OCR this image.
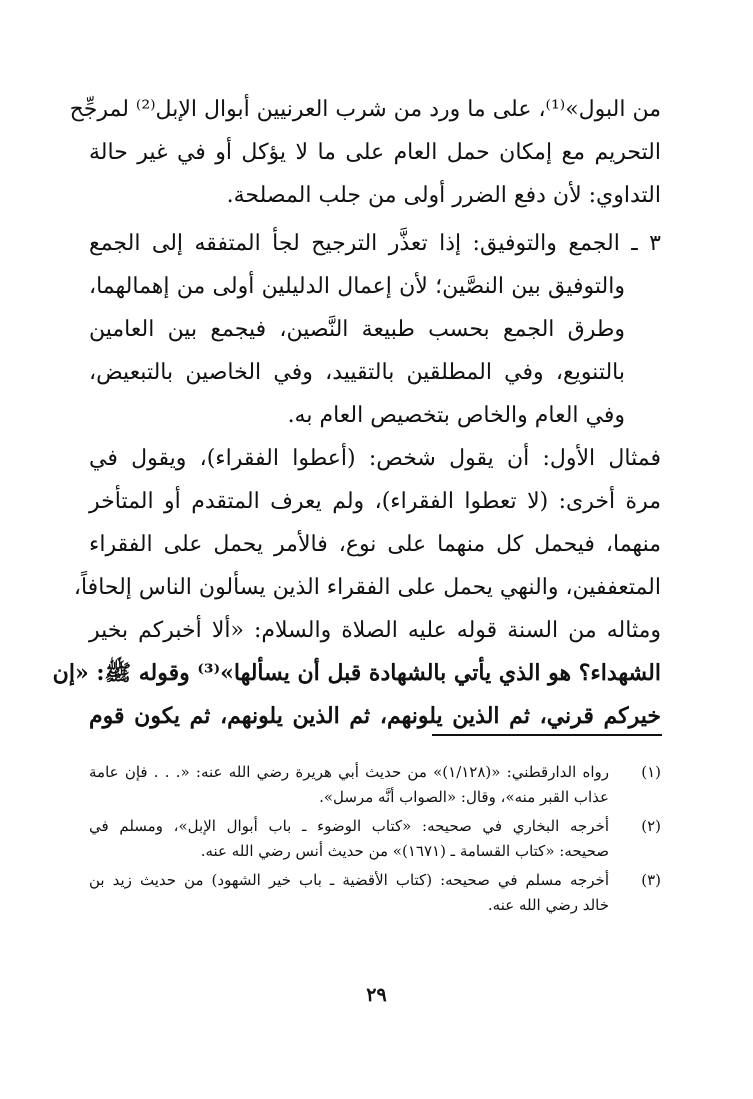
من البول»⁽¹⁾، على ما ورد من شرب العرنيين أبوال الإبل⁽²⁾ لمرجِّح
التحريم مع إمكان حمل العام على ما لا يؤكل أو في غير حالة
التداوي: لأن دفع الضرر أولى من جلب المصلحة.
٣ ـ الجمع والتوفيق: إذا تعذَّر الترجيح لجأ المتفقه إلى الجمع
والتوفيق بين النصَّين؛ لأن إعمال الدليلين أولى من إهمالهما،
وطرق الجمع بحسب طبيعة النَّصين، فيجمع بين العامين
بالتنويع، وفي المطلقين بالتقييد، وفي الخاصين بالتبعيض،
وفي العام والخاص بتخصيص العام به.
فمثال الأول: أن يقول شخص: (أعطوا الفقراء)، ويقول في
مرة أخرى: (لا تعطوا الفقراء)، ولم يعرف المتقدم أو المتأخر
منهما، فيحمل كل منهما على نوع، فالأمر يحمل على الفقراء
المتعففين، والنهي يحمل على الفقراء الذين يسألون الناس إلحافاً،
ومثاله من السنة قوله عليه الصلاة والسلام: «ألا أخبركم بخير
الشهداء؟ هو الذي يأتي بالشهادة قبل أن يسألها»⁽³⁾ وقوله ﷺ: «إن
خيركم قرني، ثم الذين يلونهم، ثم الذين يلونهم، ثم يكون قوم
(١)
رواه الدارقطني: «(١/١٢٨)» من حديث أبي هريرة رضي الله عنه: «. . . فإن عامة
عذاب القبر منه»، وقال: «الصواب أنَّه مرسل».
(٢)
أخرجه البخاري في صحيحه: «كتاب الوضوء ـ باب أبوال الإبل»، ومسلم في
صحيحه: «كتاب القسامة ـ (١٦٧١)» من حديث أنس رضي الله عنه.
(٣)
أخرجه مسلم في صحيحه: (كتاب الأقضية ـ باب خير الشهود) من حديث زيد بن
خالد رضي الله عنه.
٢٩
